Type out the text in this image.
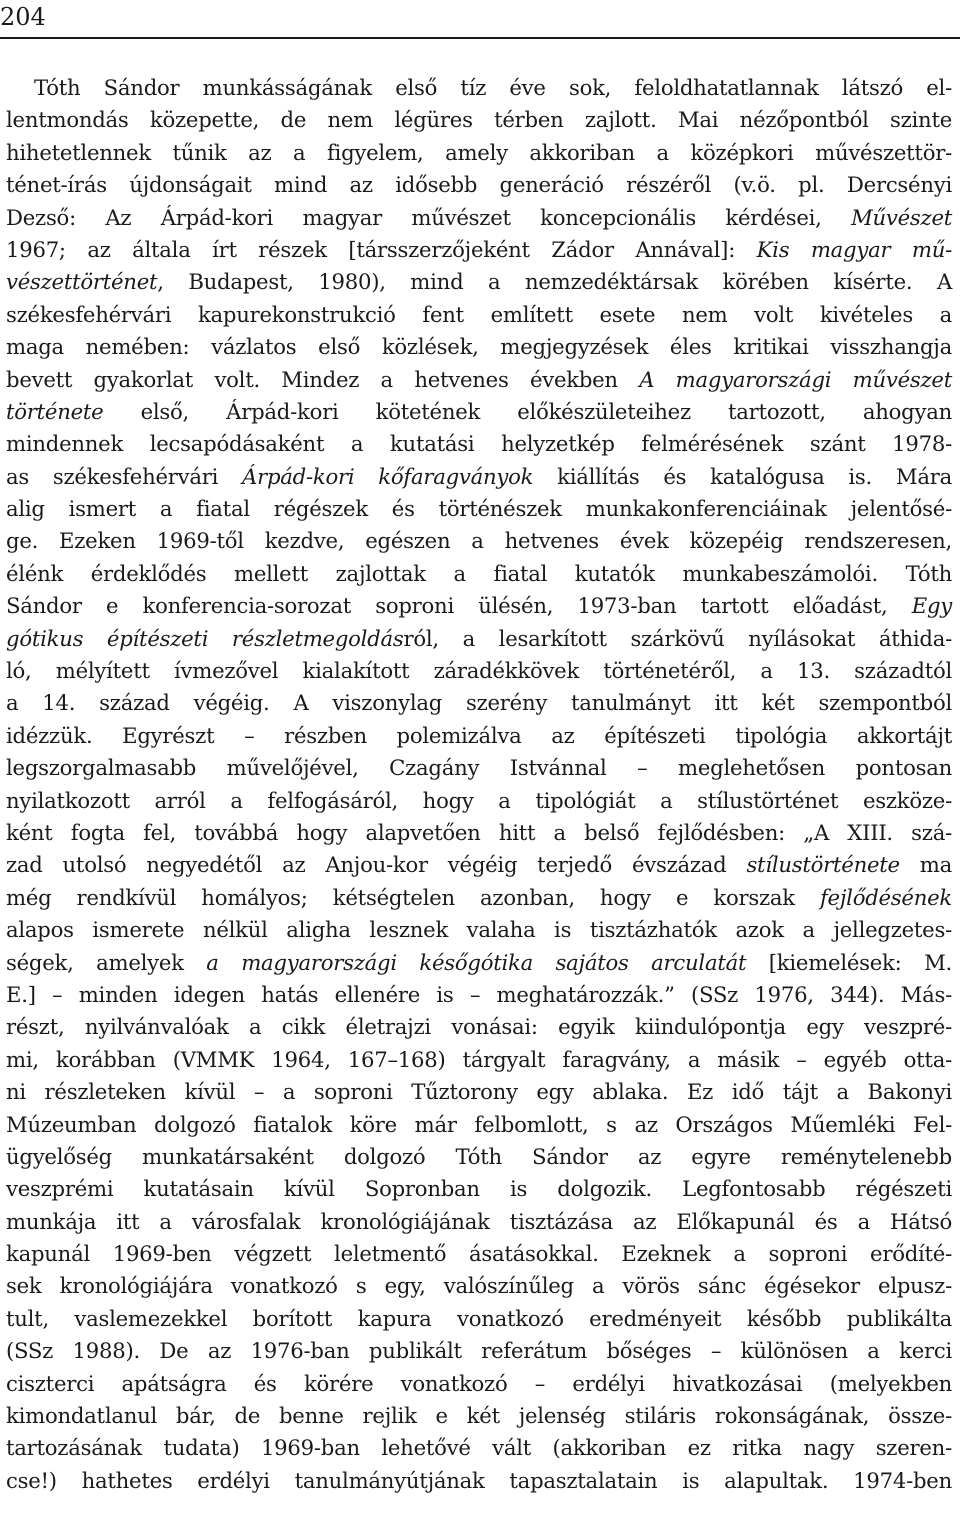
204
Tóth Sándor munkásságának első tíz éve sok, feloldhatatlannak látszó el-
lentmondás közepette, de nem légüres térben zajlott. Mai nézőpontból szinte
hihetetlennek tűnik az a figyelem, amely akkoriban a középkori művészettör-
ténet-írás újdonságait mind az idősebb generáció részéről (v.ö. pl. Dercsényi
Dezső: Az Árpád-kori magyar művészet koncepcionális kérdései, Művészet
1967; az általa írt részek [társszerzőjeként Zádor Annával]: Kis magyar mű-
vészettörténet, Budapest, 1980), mind a nemzedéktársak körében kísérte. A
székesfehérvári kapurekonstrukció fent említett esete nem volt kivételes a
maga nemében: vázlatos első közlések, megjegyzések éles kritikai visszhangja
bevett gyakorlat volt. Mindez a hetvenes években A magyarországi művészet
története első, Árpád-kori kötetének előkészületeihez tartozott, ahogyan
mindennek lecsapódásaként a kutatási helyzetkép felmérésének szánt 1978-
as székesfehérvári Árpád-kori kőfaragványok kiállítás és katalógusa is. Mára
alig ismert a fiatal régészek és történészek munkakonferenciáinak jelentősé-
ge. Ezeken 1969-től kezdve, egészen a hetvenes évek közepéig rendszeresen,
élénk érdeklődés mellett zajlottak a fiatal kutatók munkabeszámolói. Tóth
Sándor e konferencia-sorozat soproni ülésén, 1973-ban tartott előadást, Egy
gótikus építészeti részletmegoldásról, a lesarkított szárkövű nyílásokat áthida-
ló, mélyített ívmezővel kialakított záradékkövek történetéről, a 13. századtól
a 14. század végéig. A viszonylag szerény tanulmányt itt két szempontból
idézzük. Egyrészt – részben polemizálva az építészeti tipológia akkortájt
legszorgalmasabb művelőjével, Czagány Istvánnal – meglehetősen pontosan
nyilatkozott arról a felfogásáról, hogy a tipológiát a stílustörténet eszköze-
ként fogta fel, továbbá hogy alapvetően hitt a belső fejlődésben: „A XIII. szá-
zad utolsó negyedétől az Anjou-kor végéig terjedő évszázad stílustörténete ma
még rendkívül homályos; kétségtelen azonban, hogy e korszak fejlődésének
alapos ismerete nélkül aligha lesznek valaha is tisztázhatók azok a jellegzetes-
ségek, amelyek a magyarországi későgótika sajátos arculatát [kiemelések: M.
E.] – minden idegen hatás ellenére is – meghatározzák.” (SSz 1976, 344). Más-
részt, nyilvánvalóak a cikk életrajzi vonásai: egyik kiindulópontja egy veszpré-
mi, korábban (VMMK 1964, 167–168) tárgyalt faragvány, a másik – egyéb otta-
ni részleteken kívül – a soproni Tűztorony egy ablaka. Ez idő tájt a Bakonyi
Múzeumban dolgozó fiatalok köre már felbomlott, s az Országos Műemléki Fel-
ügyelőség munkatársaként dolgozó Tóth Sándor az egyre reménytelenebb
veszprémi kutatásain kívül Sopronban is dolgozik. Legfontosabb régészeti
munkája itt a városfalak kronológiájának tisztázása az Előkapunál és a Hátsó
kapunál 1969-ben végzett leletmentő ásatásokkal. Ezeknek a soproni erődíté-
sek kronológiájára vonatkozó s egy, valószínűleg a vörös sánc égésekor elpusz-
tult, vaslemezekkel borított kapura vonatkozó eredményeit később publikálta
(SSz 1988). De az 1976-ban publikált referátum bőséges – különösen a kerci
ciszterci apátságra és körére vonatkozó – erdélyi hivatkozásai (melyekben
kimondatlanul bár, de benne rejlik e két jelenség stiláris rokonságának, össze-
tartozásának tudata) 1969-ban lehetővé vált (akkoriban ez ritka nagy szeren-
cse!) hathetes erdélyi tanulmányútjának tapasztalatain is alapultak. 1974-ben
